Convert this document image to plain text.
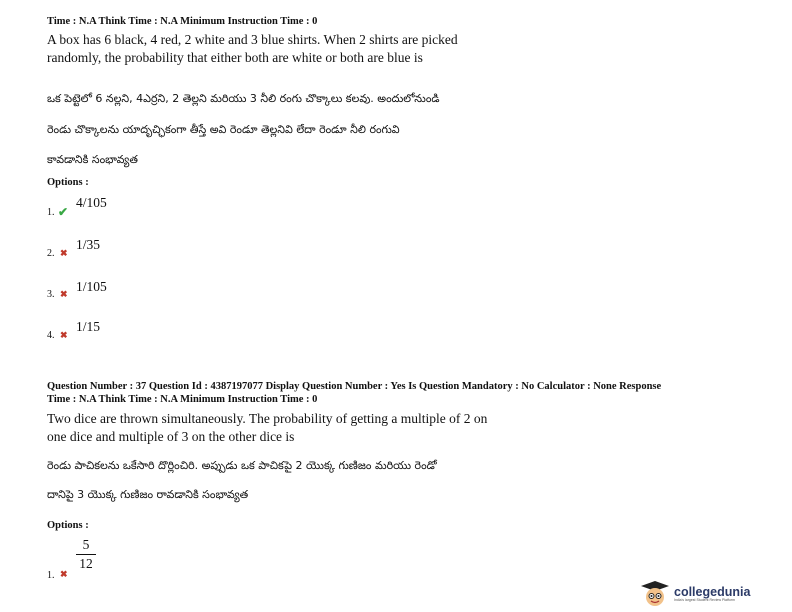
Time : N.A Think Time : N.A Minimum Instruction Time : 0
A box has 6 black, 4 red, 2 white and 3 blue shirts. When 2 shirts are picked
randomly, the probability that either both are white or both are blue is
ఒక పెట్టెలో 6 నల్లని, 4ఎర్రని, 2 తెల్లని మరియు 3 నీలి రంగు చొక్కాలు కలవు. అందులోనుండి
రెండు చొక్కాలను యాదృచ్ఛికంగా తీస్తే అవి రెండూ తెల్లనివి లేదా రెండూ నీలి రంగువి
కావడానికి సంభావ్యత
Options :
1. ✔
4/105
2. ✖
1/35
3. ✖ 1/105
4. ✖
1/15
Question Number : 37 Question Id : 4387197077 Display Question Number : Yes Is Question Mandatory : No Calculator : None Response
Time : N.A Think Time : N.A Minimum Instruction Time : 0
Two dice are thrown simultaneously. The probability of getting a multiple of 2 on
one dice and multiple of 3 on the other dice is
రెండు పాచికలను ఒకేసారి దొర్లించిరి. అప్పుడు ఒక పాచికపై 2 యొక్క గుణిజం మరియు రెండో
దానిపై 3 యొక్క గుణిజం రావడానికి సంభావ్యత
Options :
1. ✖
5
12
collegedunia
India's largest Student Review Platform
